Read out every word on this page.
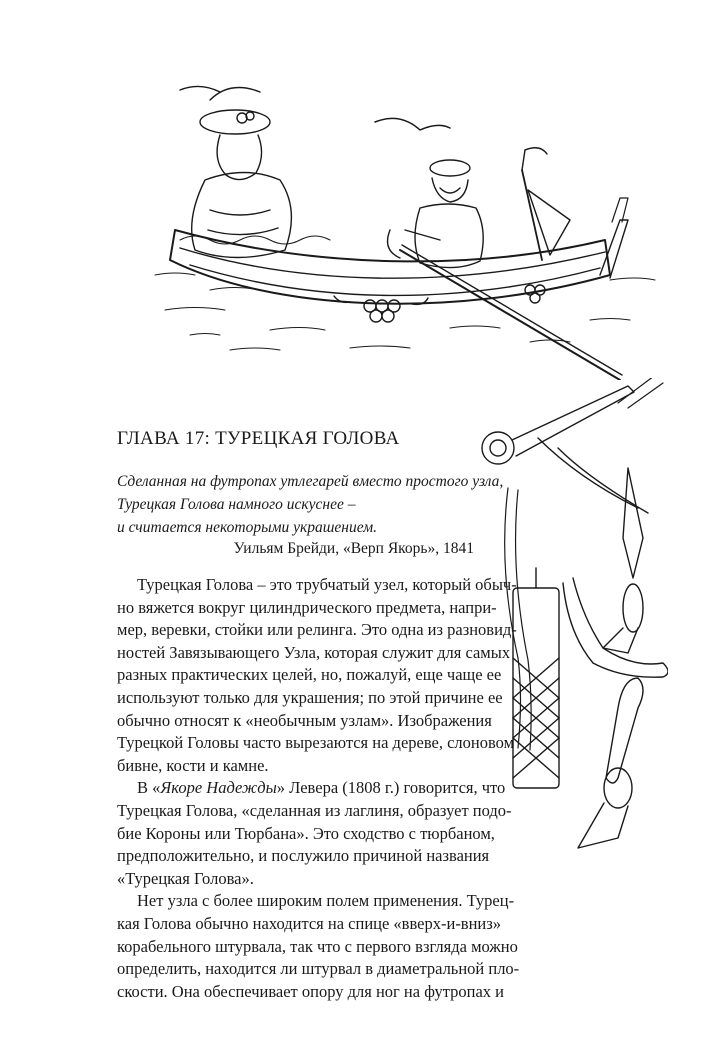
ГЛАВА 17: ТУРЕЦКАЯ ГОЛОВА
Сделанная на футропах утлегарей вместо простого узла,
Турецкая Голова намного искуснее –
и считается некоторыми украшением.
Уильям Брейди, «Верп Якорь», 1841
Турецкая Голова – это трубчатый узел, который обыч-
но вяжется вокруг цилиндрического предмета, напри-
мер, веревки, стойки или релинга. Это одна из разновид-
ностей Завязывающего Узла, которая служит для самых
разных практических целей, но, пожалуй, еще чаще ее
используют только для украшения; по этой причине ее
обычно относят к «необычным узлам». Изображения
Турецкой Головы часто вырезаются на дереве, слоновом
бивне, кости и камне.
В «Якоре Надежды» Левера (1808 г.) говорится, что
Турецкая Голова, «сделанная из лаглиня, образует подо-
бие Короны или Тюрбана». Это сходство с тюрбаном,
предположительно, и послужило причиной названия
«Турецкая Голова».
Нет узла с более широким полем применения. Турец-
кая Голова обычно находится на спице «вверх-и-вниз»
корабельного штурвала, так что с первого взгляда можно
определить, находится ли штурвал в диаметральной пло-
скости. Она обеспечивает опору для ног на футропах и
